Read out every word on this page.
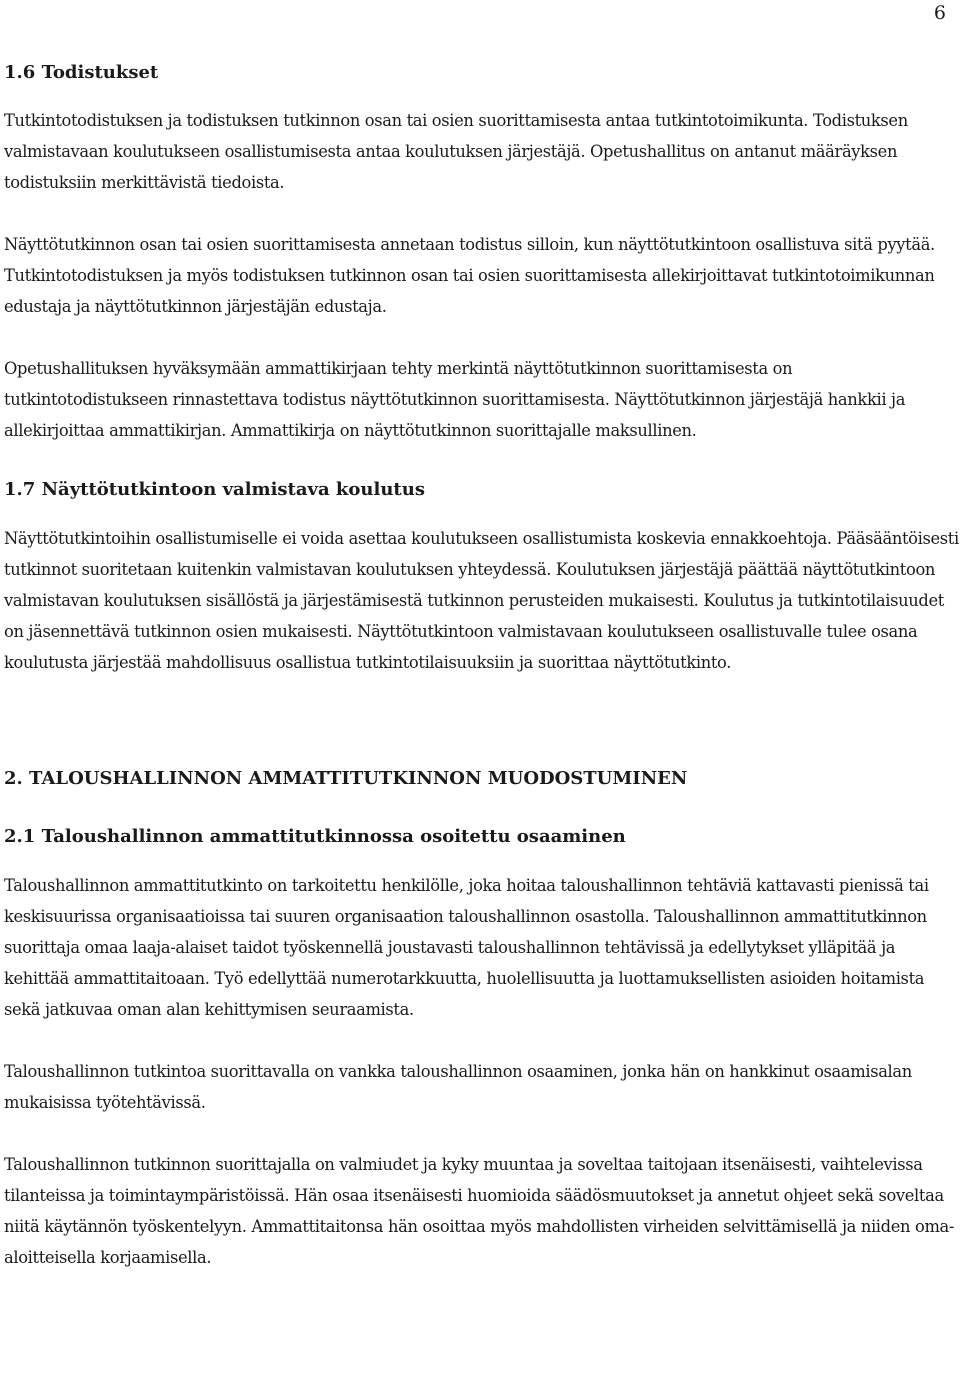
6
1.6 Todistukset

Tutkintotodistuksen ja todistuksen tutkinnon osan tai osien suorittamisesta antaa tutkintotoimikunta. Todistuksen valmistavaan koulutukseen osallistumisesta antaa koulutuksen järjestäjä. Opetushallitus on antanut määräyksen todistuksiin merkittävistä tiedoista.

Näyttötutkinnon osan tai osien suorittamisesta annetaan todistus silloin, kun näyttötutkintoon osallistuva sitä pyytää. Tutkintotodistuksen ja myös todistuksen tutkinnon osan tai osien suorittamisesta allekirjoittavat tutkintotoimikunnan edustaja ja näyttötutkinnon järjestäjän edustaja.

Opetushallituksen hyväksymään ammattikirjaan tehty merkintä näyttötutkinnon suorittamisesta on tutkintotodistukseen rinnastettava todistus näyttötutkinnon suorittamisesta. Näyttötutkinnon järjestäjä hankkii ja allekirjoittaa ammattikirjan. Ammattikirja on näyttötutkinnon suorittajalle maksullinen.

1.7 Näyttötutkintoon valmistava koulutus

Näyttötutkintoihin osallistumiselle ei voida asettaa koulutukseen osallistumista koskevia ennakkoehtoja. Pääsääntöisesti tutkinnot suoritetaan kuitenkin valmistavan koulutuksen yhteydessä. Koulutuksen järjestäjä päättää näyttötutkintoon valmistavan koulutuksen sisällöstä ja järjestämisestä tutkinnon perusteiden mukaisesti. Koulutus ja tutkintotilaisuudet on jäsennettävä tutkinnon osien mukaisesti. Näyttötutkintoon valmistavaan koulutukseen osallistuvalle tulee osana koulutusta järjestää mahdollisuus osallistua tutkintotilaisuuksiin ja suorittaa näyttötutkinto.

2. TALOUSHALLINNON AMMATTITUTKINNON MUODOSTUMINEN
2.1 Taloushallinnon ammattitutkinnossa osoitettu osaaminen

Taloushallinnon ammattitutkinto on tarkoitettu henkilölle, joka hoitaa taloushallinnon tehtäviä kattavasti pienissä tai keskisuurissa organisaatioissa tai suuren organisaation taloushallinnon osastolla. Taloushallinnon ammattitutkinnon suorittaja omaa laaja-alaiset taidot työskennellä joustavasti taloushallinnon tehtävissä ja edellytykset ylläpitää ja kehittää ammattitaitoaan. Työ edellyttää numerotarkkuutta, huolellisuutta ja luottamuksellisten asioiden hoitamista sekä jatkuvaa oman alan kehittymisen seuraamista.

Taloushallinnon tutkintoa suorittavalla on vankka taloushallinnon osaaminen, jonka hän on hankkinut osaamisalan mukaisissa työtehtävissä.

Taloushallinnon tutkinnon suorittajalla on valmiudet ja kyky muuntaa ja soveltaa taitojaan itsenäisesti, vaihtelevissa tilanteissa ja toimintaympäristöissä. Hän osaa itsenäisesti huomioida säädösmuutokset ja annetut ohjeet sekä soveltaa niitä käytännön työskentelyyn. Ammattitaitonsa hän osoittaa myös mahdollisten virheiden selvittämisellä ja niiden oma-aloitteisella korjaamisella.
